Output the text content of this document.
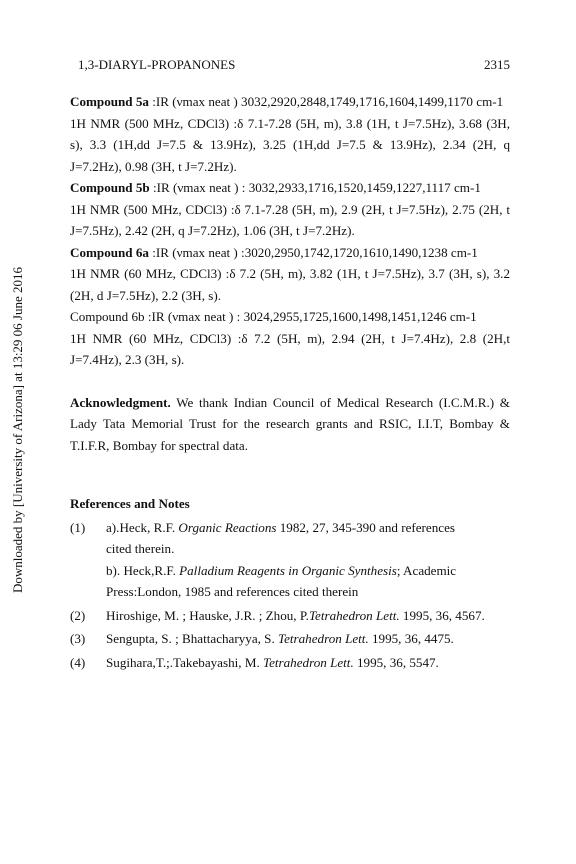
Downloaded by [University of Arizona] at 13:29 06 June 2016
1,3-DIARYL-PROPANONES	2315

Compound 5a :IR (νmax neat ) 3032,2920,2848,1749,1716,1604,1499,1170 cm-1

1H NMR (500 MHz, CDCl3) :δ 7.1-7.28 (5H, m), 3.8 (1H, t J=7.5Hz), 3.68 (3H, s), 3.3 (1H,dd J=7.5 & 13.9Hz), 3.25 (1H,dd J=7.5 & 13.9Hz), 2.34 (2H, q J=7.2Hz), 0.98 (3H, t J=7.2Hz).

Compound 5b :IR (νmax neat ) : 3032,2933,1716,1520,1459,1227,1117 cm-1

1H NMR (500 MHz, CDCl3) :δ 7.1-7.28 (5H, m), 2.9 (2H, t J=7.5Hz), 2.75 (2H, t J=7.5Hz), 2.42 (2H, q J=7.2Hz), 1.06 (3H, t J=7.2Hz).

Compound 6a :IR (νmax neat ) :3020,2950,1742,1720,1610,1490,1238 cm-1

1H NMR (60 MHz, CDCl3) :δ 7.2 (5H, m), 3.82 (1H, t J=7.5Hz), 3.7 (3H, s), 3.2 (2H, d J=7.5Hz), 2.2 (3H, s).

Compound 6b :IR (νmax neat ) : 3024,2955,1725,1600,1498,1451,1246 cm-1

1H NMR (60 MHz, CDCl3) :δ 7.2 (5H, m), 2.94 (2H, t J=7.4Hz), 2.8 (2H,t J=7.4Hz), 2.3 (3H, s).

Acknowledgment. We thank Indian Council of Medical Research (I.C.M.R.) & Lady Tata Memorial Trust for the research grants and RSIC, I.I.T, Bombay & T.I.F.R, Bombay for spectral data.

References and Notes

(1)	a).Heck, R.F. Organic Reactions 1982, 27, 345-390 and references
cited therein.
b). Heck,R.F. Palladium Reagents in Organic Synthesis; Academic
Press:London, 1985 and references cited therein
(2)	Hiroshige, M. ; Hauske, J.R. ; Zhou, P.Tetrahedron Lett. 1995, 36, 4567.
(3)	Sengupta, S. ; Bhattacharyya, S. Tetrahedron Lett. 1995, 36, 4475.
(4)	Sugihara,T.;.Takebayashi, M. Tetrahedron Lett. 1995, 36, 5547.
